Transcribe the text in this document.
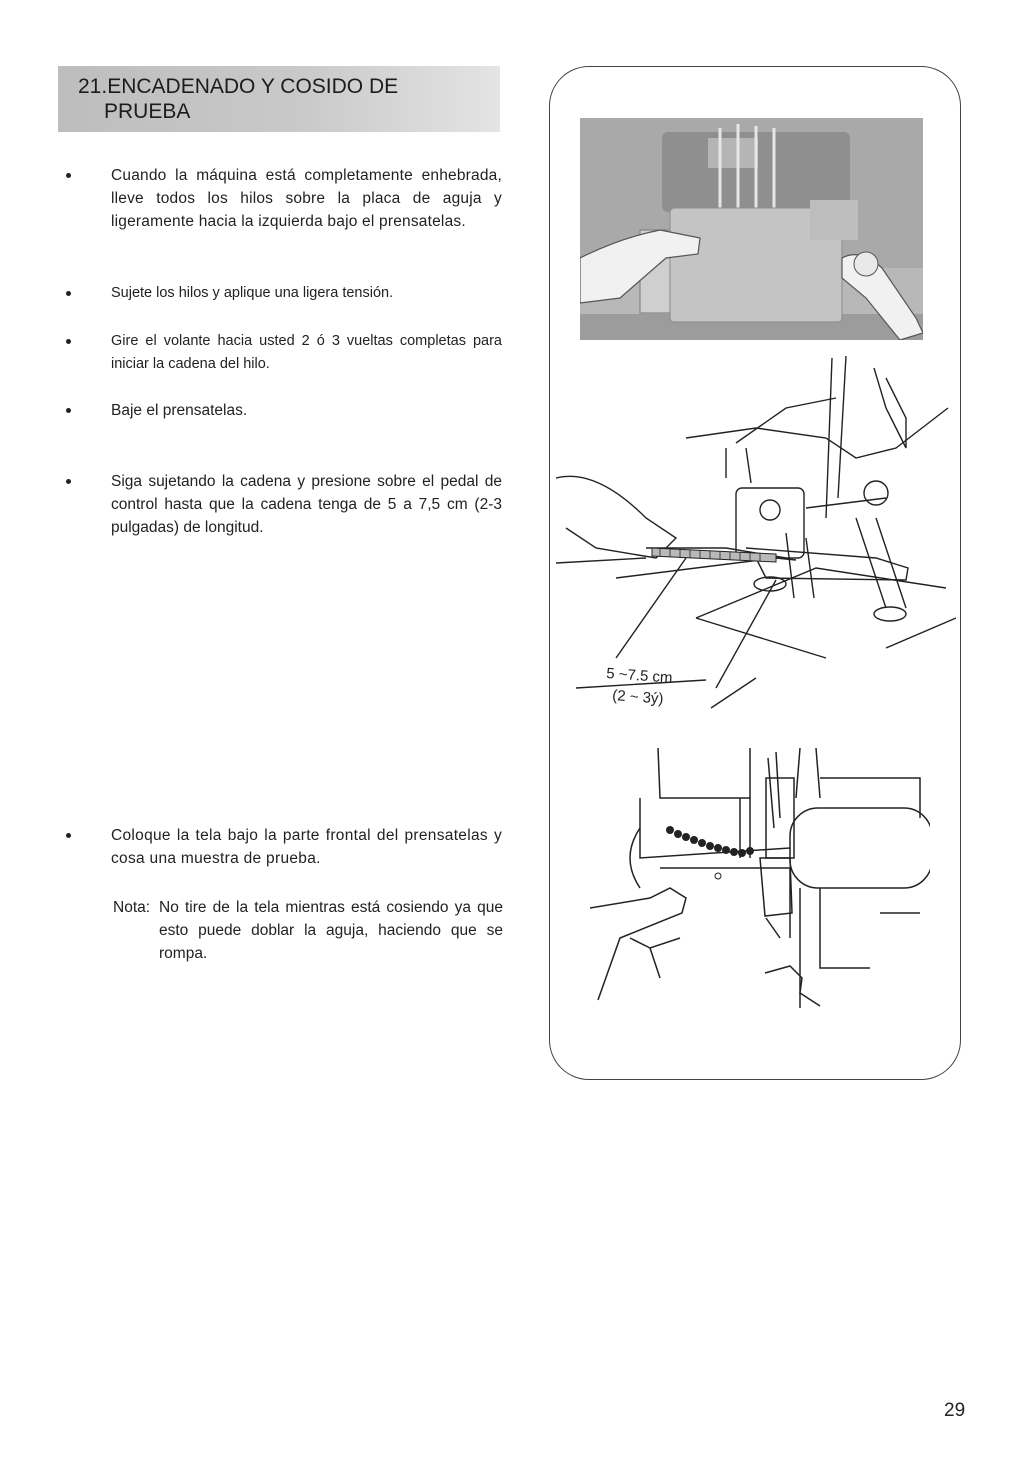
21.ENCADENADO Y COSIDO DE
PRUEBA
Cuando la máquina está completamente enhebrada, lleve todos los hilos sobre la placa de aguja y ligeramente hacia la izquierda bajo el prensatelas.
Sujete los hilos y aplique una ligera tensión.
Gire el volante hacia usted 2 ó 3 vueltas completas para iniciar la cadena del hilo.
Baje el prensatelas.
Siga sujetando la cadena y presione sobre el pedal de control hasta que la cadena tenga de 5 a 7,5 cm (2-3 pulgadas) de longitud.
Coloque la tela bajo la parte frontal del prensatelas y cosa una muestra de prueba.
Nota: No tire de la tela mientras está cosiendo ya que esto puede doblar la aguja, haciendo que se rompa.
5 ~7.5 cm
(2 ~ 3ý)
29
